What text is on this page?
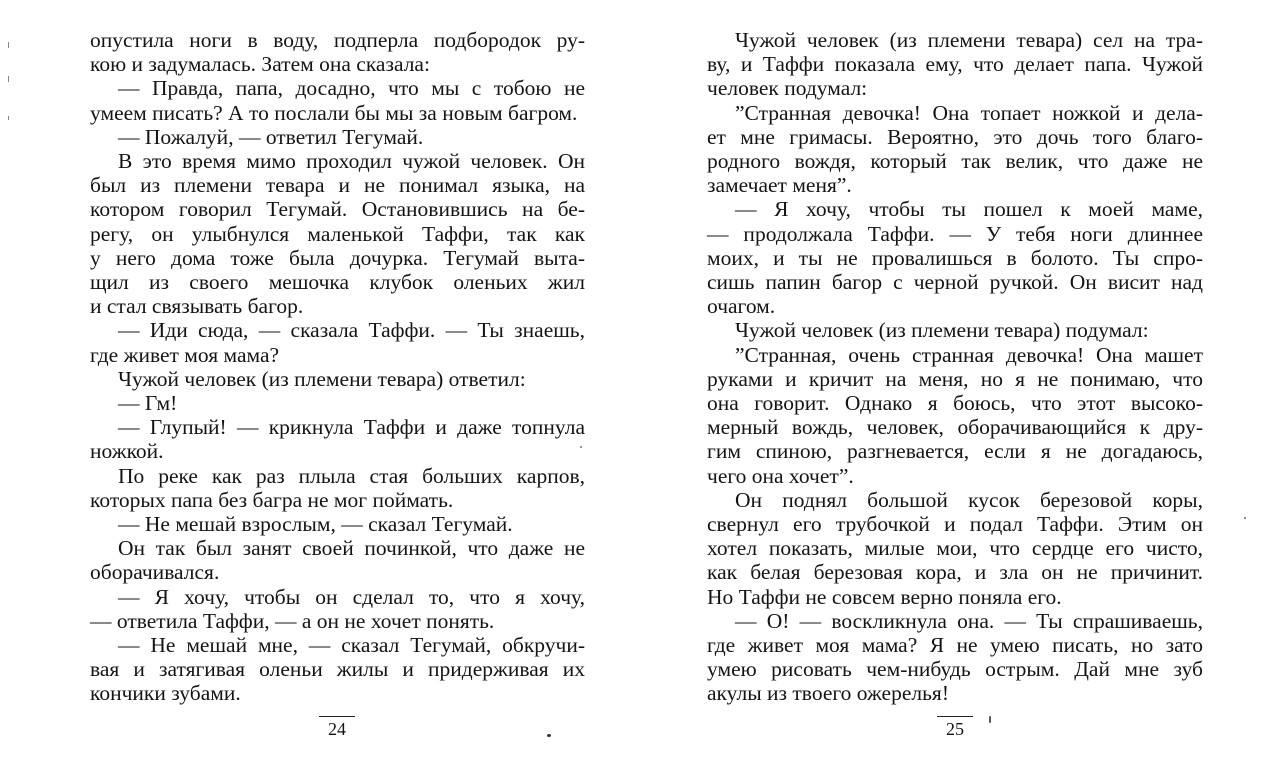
опустила ноги в воду, подперла подбородок ру-
кою и задумалась. Затем она сказала:
— Правда, папа, досадно, что мы с тобою не
умеем писать? А то послали бы мы за новым багром.
— Пожалуй, — ответил Тегумай.
В это время мимо проходил чужой человек. Он
был из племени тевара и не понимал языка, на
котором говорил Тегумай. Остановившись на бе-
регу, он улыбнулся маленькой Таффи, так как
у него дома тоже была дочурка. Тегумай выта-
щил из своего мешочка клубок оленьих жил
и стал связывать багор.
— Иди сюда, — сказала Таффи. — Ты знаешь,
где живет моя мама?
Чужой человек (из племени тевара) ответил:
— Гм!
— Глупый! — крикнула Таффи и даже топнула
ножкой.
По реке как раз плыла стая больших карпов,
которых папа без багра не мог поймать.
— Не мешай взрослым, — сказал Тегумай.
Он так был занят своей починкой, что даже не
оборачивался.
— Я хочу, чтобы он сделал то, что я хочу,
— ответила Таффи, — а он не хочет понять.
— Не мешай мне, — сказал Тегумай, обкручи-
вая и затягивая оленьи жилы и придерживая их
кончики зубами.
Чужой человек (из племени тевара) сел на тра-
ву, и Таффи показала ему, что делает папа. Чужой
человек подумал:
”Странная девочка! Она топает ножкой и дела-
ет мне гримасы. Вероятно, это дочь того благо-
родного вождя, который так велик, что даже не
замечает меня”.
— Я хочу, чтобы ты пошел к моей маме,
— продолжала Таффи. — У тебя ноги длиннее
моих, и ты не провалишься в болото. Ты спро-
сишь папин багор с черной ручкой. Он висит над
очагом.
Чужой человек (из племени тевара) подумал:
”Странная, очень странная девочка! Она машет
руками и кричит на меня, но я не понимаю, что
она говорит. Однако я боюсь, что этот высоко-
мерный вождь, человек, оборачивающийся к дру-
гим спиною, разгневается, если я не догадаюсь,
чего она хочет”.
Он поднял большой кусок березовой коры,
свернул его трубочкой и подал Таффи. Этим он
хотел показать, милые мои, что сердце его чисто,
как белая березовая кора, и зла он не причинит.
Но Таффи не совсем верно поняла его.
— О! — воскликнула она. — Ты спрашиваешь,
где живет моя мама? Я не умею писать, но зато
умею рисовать чем-нибудь острым. Дай мне зуб
акулы из твоего ожерелья!
24	25
